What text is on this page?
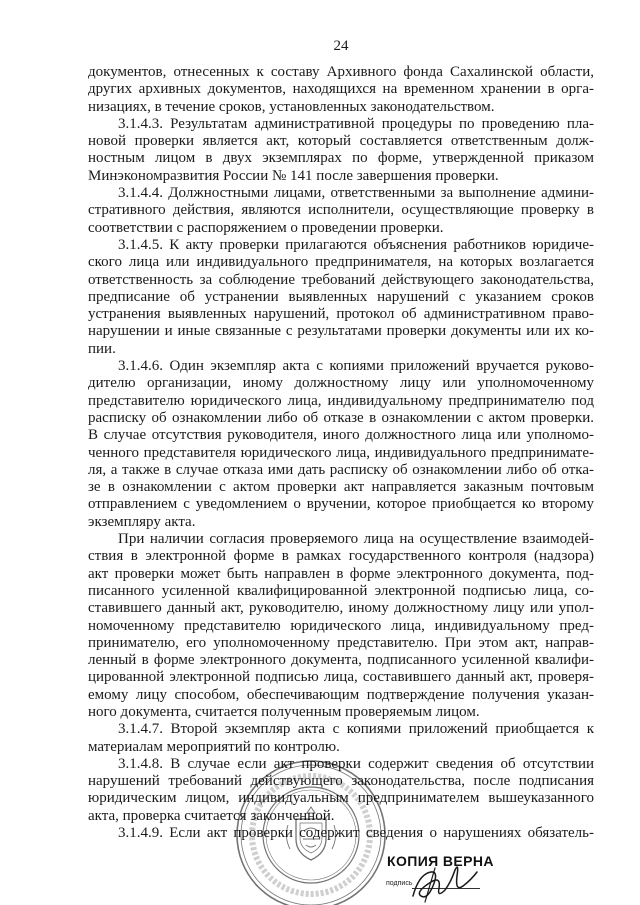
24
документов, отнесенных к составу Архивного фонда Сахалинской области,
других архивных документов, находящихся на временном хранении в орга-
низациях, в течение сроков, установленных законодательством.
3.1.4.3. Результатам административной процедуры по проведению пла-
новой проверки является акт, который составляется ответственным долж-
ностным лицом в двух экземплярах по форме, утвержденной приказом
Минэкономразвития России № 141 после завершения проверки.
3.1.4.4. Должностными лицами, ответственными за выполнение админи-
стративного действия, являются исполнители, осуществляющие проверку в
соответствии с распоряжением о проведении проверки.
3.1.4.5. К акту проверки прилагаются объяснения работников юридиче-
ского лица или индивидуального предпринимателя, на которых возлагается
ответственность за соблюдение требований действующего законодательства,
предписание об устранении выявленных нарушений с указанием сроков
устранения выявленных нарушений, протокол об административном право-
нарушении и иные связанные с результатами проверки документы или их ко-
пии.
3.1.4.6. Один экземпляр акта с копиями приложений вручается руково-
дителю организации, иному должностному лицу или уполномоченному
представителю юридического лица, индивидуальному предпринимателю под
расписку об ознакомлении либо об отказе в ознакомлении с актом проверки.
В случае отсутствия руководителя, иного должностного лица или уполномо-
ченного представителя юридического лица, индивидуального предпринимате-
ля, а также в случае отказа ими дать расписку об ознакомлении либо об отка-
зе в ознакомлении с актом проверки акт направляется заказным почтовым
отправлением с уведомлением о вручении, которое приобщается ко второму
экземпляру акта.
При наличии согласия проверяемого лица на осуществление взаимодей-
ствия в электронной форме в рамках государственного контроля (надзора)
акт проверки может быть направлен в форме электронного документа, под-
писанного усиленной квалифицированной электронной подписью лица, со-
ставившего данный акт, руководителю, иному должностному лицу или упол-
номоченному представителю юридического лица, индивидуальному пред-
принимателю, его уполномоченному представителю. При этом акт, направ-
ленный в форме электронного документа, подписанного усиленной квалифи-
цированной электронной подписью лица, составившего данный акт, проверя-
емому лицу способом, обеспечивающим подтверждение получения указан-
ного документа, считается полученным проверяемым лицом.
3.1.4.7. Второй экземпляр акта с копиями приложений приобщается к
материалам мероприятий по контролю.
3.1.4.8. В случае если акт проверки содержит сведения об отсутствии
нарушений требований действующего законодательства, после подписания
юридическим лицом, индивидуальным предпринимателем вышеуказанного
акта, проверка считается законченной.
3.1.4.9. Если акт проверки содержит сведения о нарушениях обязатель-
КОПИЯ ВЕРНА
подпись
